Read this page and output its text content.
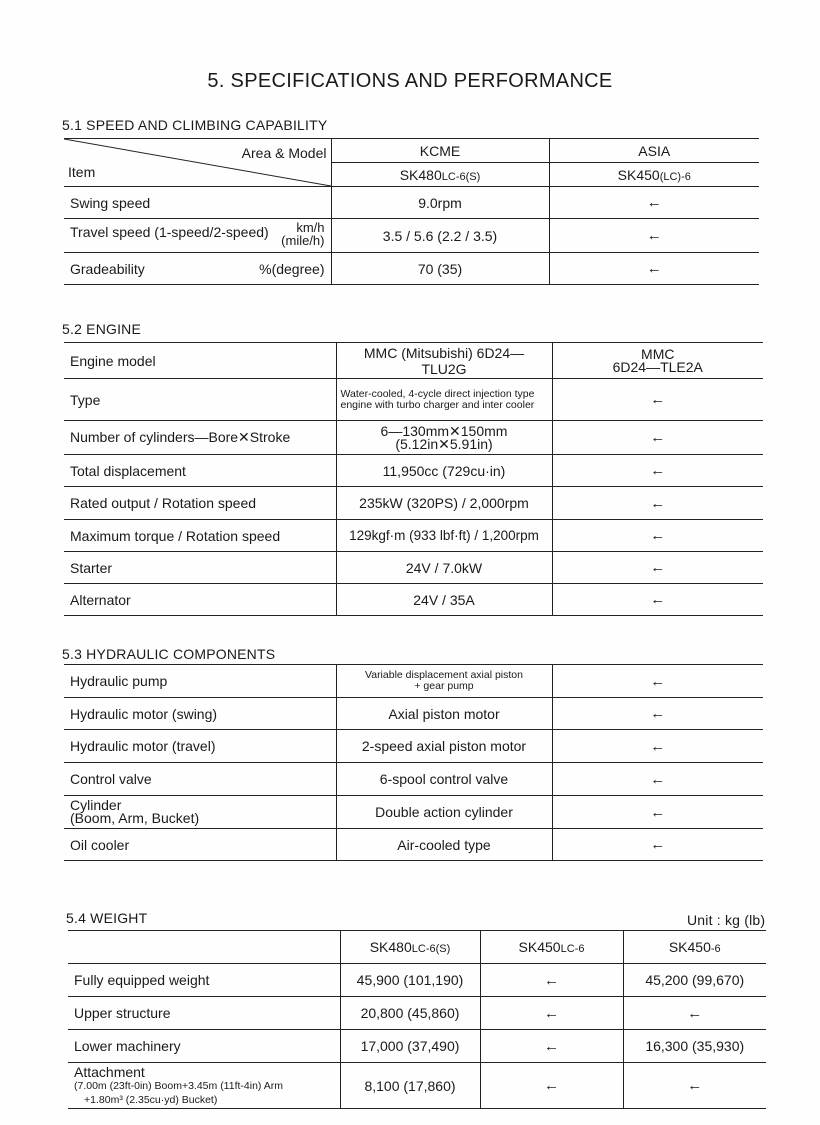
5. SPECIFICATIONS AND PERFORMANCE
5.1 SPEED AND CLIMBING CAPABILITY
Area & Model
Item	KCME	ASIA
	SK480LC-6(S)	SK450(LC)-6
Swing speed	9.0rpm	←
Travel speed (1-speed/2-speed) km/h
(mile/h)	3.5 / 5.6 (2.2 / 3.5)	←
Gradeability %(degree)	70 (35)	←
5.2 ENGINE
Engine model	MMC (Mitsubishi) 6D24—TLU2G	MMC
6D24—TLE2A
Type	Water-cooled, 4-cycle direct injection type engine with turbo charger and inter cooler	←
Number of cylinders—Bore✕Stroke	6—130mm✕150mm
(5.12in✕5.91in)	←
Total displacement	11,950cc (729cu·in)	←
Rated output / Rotation speed	235kW (320PS) / 2,000rpm	←
Maximum torque / Rotation speed	129kgf·m (933 lbf·ft) / 1,200rpm	←
Starter	24V / 7.0kW	←
Alternator	24V / 35A	←
5.3 HYDRAULIC COMPONENTS
Hydraulic pump	Variable displacement axial piston
+ gear pump	←
Hydraulic motor (swing)	Axial piston motor	←
Hydraulic motor (travel)	2-speed axial piston motor	←
Control valve	6-spool control valve	←
Cylinder
(Boom, Arm, Bucket)	Double action cylinder	←
Oil cooler	Air-cooled type	←
5.4 WEIGHT	Unit : kg (lb)
	SK480LC-6(S)	SK450LC-6	SK450-6
Fully equipped weight	45,900 (101,190)	←	45,200 (99,670)
Upper structure	20,800 (45,860)	←	←
Lower machinery	17,000 (37,490)	←	16,300 (35,930)
Attachment
(7.00m (23ft-0in) Boom+3.45m (11ft-4in) Arm
+1.80m³ (2.35cu·yd) Bucket)	8,100 (17,860)	←	←
